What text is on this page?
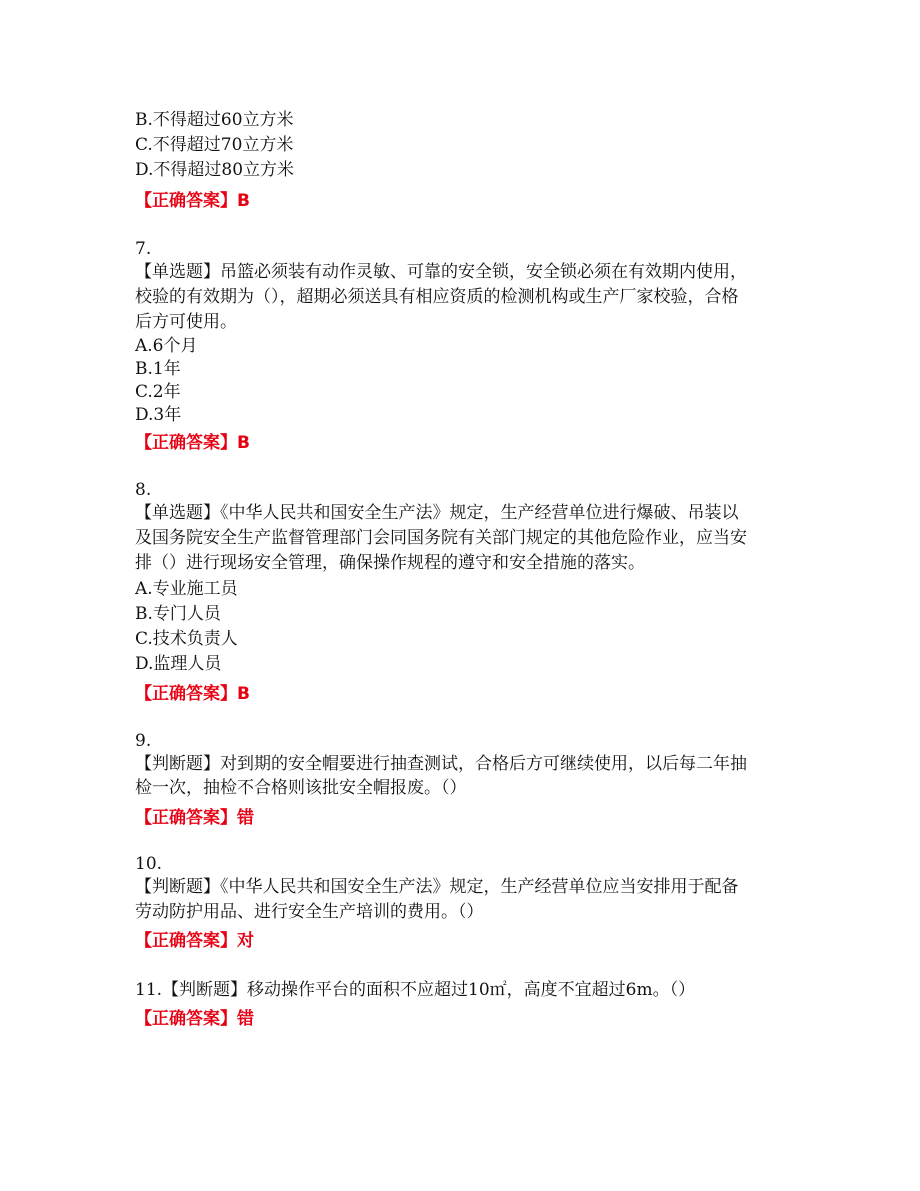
B.不得超过60立方米
C.不得超过70立方米
D.不得超过80立方米
【正确答案】B
7.
【单选题】吊篮必须装有动作灵敏、可靠的安全锁，安全锁必须在有效期内使用，
校验的有效期为（），超期必须送具有相应资质的检测机构或生产厂家校验，合格
后方可使用。
A.6个月
B.1年
C.2年
D.3年
【正确答案】B
8.
【单选题】《中华人民共和国安全生产法》规定，生产经营单位进行爆破、吊装以
及国务院安全生产监督管理部门会同国务院有关部门规定的其他危险作业，应当安
排（）进行现场安全管理，确保操作规程的遵守和安全措施的落实。
A.专业施工员
B.专门人员
C.技术负责人
D.监理人员
【正确答案】B
9.
【判断题】对到期的安全帽要进行抽查测试，合格后方可继续使用，以后每二年抽
检一次，抽检不合格则该批安全帽报废。（）
【正确答案】错
10.
【判断题】《中华人民共和国安全生产法》规定，生产经营单位应当安排用于配备
劳动防护用品、进行安全生产培训的费用。（）
【正确答案】对
11.【判断题】移动操作平台的面积不应超过10㎡，高度不宜超过6m。（）
【正确答案】错
